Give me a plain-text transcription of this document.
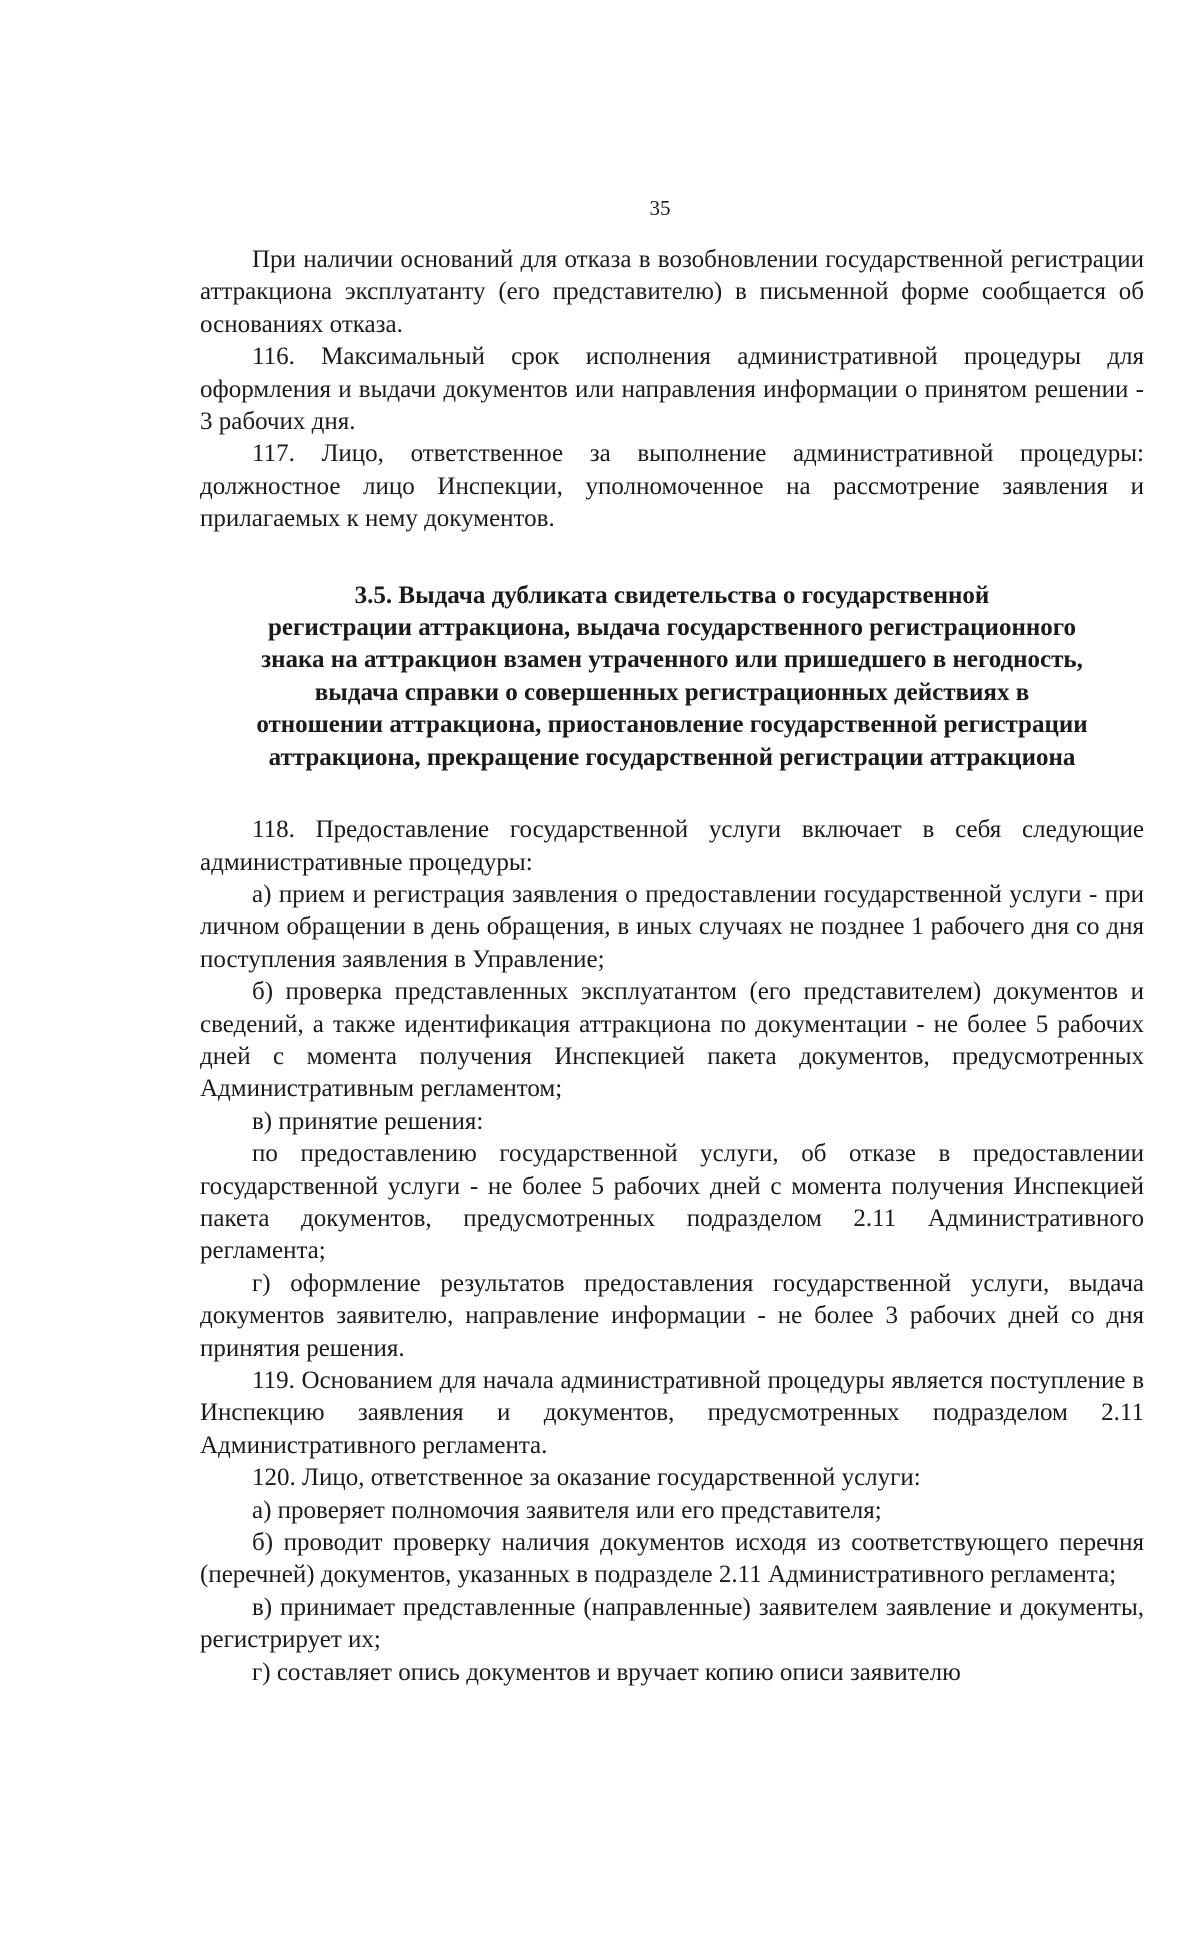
35

При наличии оснований для отказа в возобновлении государственной регистрации аттракциона эксплуатанту (его представителю) в письменной форме сообщается об основаниях отказа.

116. Максимальный срок исполнения административной процедуры для оформления и выдачи документов или направления информации о принятом решении - 3 рабочих дня.

117. Лицо, ответственное за выполнение административной процедуры: должностное лицо Инспекции, уполномоченное на рассмотрение заявления и прилагаемых к нему документов.

3.5. Выдача дубликата свидетельства о государственной
регистрации аттракциона, выдача государственного регистрационного
знака на аттракцион взамен утраченного или пришедшего в негодность,
выдача справки о совершенных регистрационных действиях в
отношении аттракциона, приостановление государственной регистрации
аттракциона, прекращение государственной регистрации аттракциона

118. Предоставление государственной услуги включает в себя следующие административные процедуры:

а) прием и регистрация заявления о предоставлении государственной услуги - при личном обращении в день обращения, в иных случаях не позднее 1 рабочего дня со дня поступления заявления в Управление;

б) проверка представленных эксплуатантом (его представителем) документов и сведений, а также идентификация аттракциона по документации - не более 5 рабочих дней с момента получения Инспекцией пакета документов, предусмотренных Административным регламентом;

в) принятие решения:

по предоставлению государственной услуги, об отказе в предоставлении государственной услуги - не более 5 рабочих дней с момента получения Инспекцией пакета документов, предусмотренных подразделом 2.11 Административного регламента;

г) оформление результатов предоставления государственной услуги, выдача документов заявителю, направление информации - не более 3 рабочих дней со дня принятия решения.

119. Основанием для начала административной процедуры является поступление в Инспекцию заявления и документов, предусмотренных подразделом 2.11 Административного регламента.

120. Лицо, ответственное за оказание государственной услуги:

а) проверяет полномочия заявителя или его представителя;

б) проводит проверку наличия документов исходя из соответствующего перечня (перечней) документов, указанных в подразделе 2.11 Административного регламента;

в) принимает представленные (направленные) заявителем заявление и документы, регистрирует их;

г) составляет опись документов и вручает копию описи заявителю
